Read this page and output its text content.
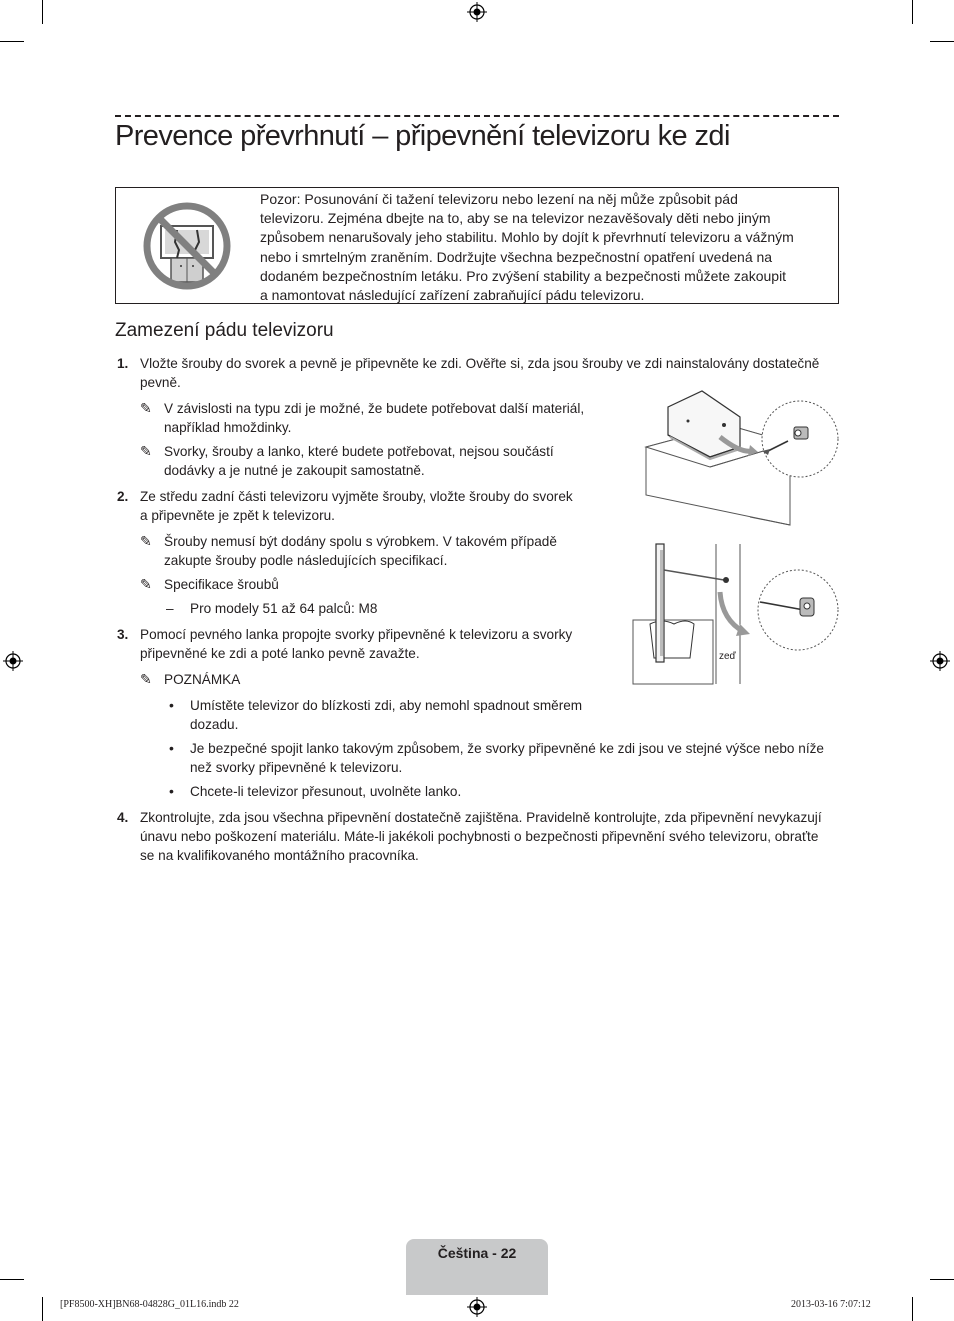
Prevence převrhnutí – připevnění televizoru ke zdi
Pozor: Posunování či tažení televizoru nebo lezení na něj může způsobit pád
televizoru. Zejména dbejte na to, aby se na televizor nezavěšovaly děti nebo jiným
způsobem nenarušovaly jeho stabilitu. Mohlo by dojít k převrhnutí televizoru a vážným
nebo i smrtelným zraněním. Dodržujte všechna bezpečnostní opatření uvedená na
dodaném bezpečnostním letáku. Pro zvýšení stability a bezpečnosti můžete zakoupit
a namontovat následující zařízení zabraňující pádu televizoru.
Zamezení pádu televizoru
1. Vložte šrouby do svorek a pevně je připevněte ke zdi. Ověřte si, zda jsou šrouby ve zdi nainstalovány dostatečně
pevně.
✎ V závislosti na typu zdi je možné, že budete potřebovat další materiál,
například hmoždinky.
✎ Svorky, šrouby a lanko, které budete potřebovat, nejsou součástí
dodávky a je nutné je zakoupit samostatně.
2. Ze středu zadní části televizoru vyjměte šrouby, vložte šrouby do svorek
a připevněte je zpět k televizoru.
✎ Šrouby nemusí být dodány spolu s výrobkem. V takovém případě
zakupte šrouby podle následujících specifikací.
✎ Specifikace šroubů
– Pro modely 51 až 64 palců: M8
3. Pomocí pevného lanka propojte svorky připevněné k televizoru a svorky
připevněné ke zdi a poté lanko pevně zavažte.
✎ POZNÁMKA
• Umístěte televizor do blízkosti zdi, aby nemohl spadnout směrem
dozadu.
• Je bezpečné spojit lanko takovým způsobem, že svorky připevněné ke zdi jsou ve stejné výšce nebo níže
než svorky připevněné k televizoru.
• Chcete-li televizor přesunout, uvolněte lanko.
4. Zkontrolujte, zda jsou všechna připevnění dostatečně zajištěna. Pravidelně kontrolujte, zda připevnění nevykazují
únavu nebo poškození materiálu. Máte-li jakékoli pochybnosti o bezpečnosti připevnění svého televizoru, obraťte
se na kvalifikovaného montážního pracovníka.
zeď
Čeština - 22
[PF8500-XH]BN68-04828G_01L16.indb 22	2013-03-16 7:07:12
